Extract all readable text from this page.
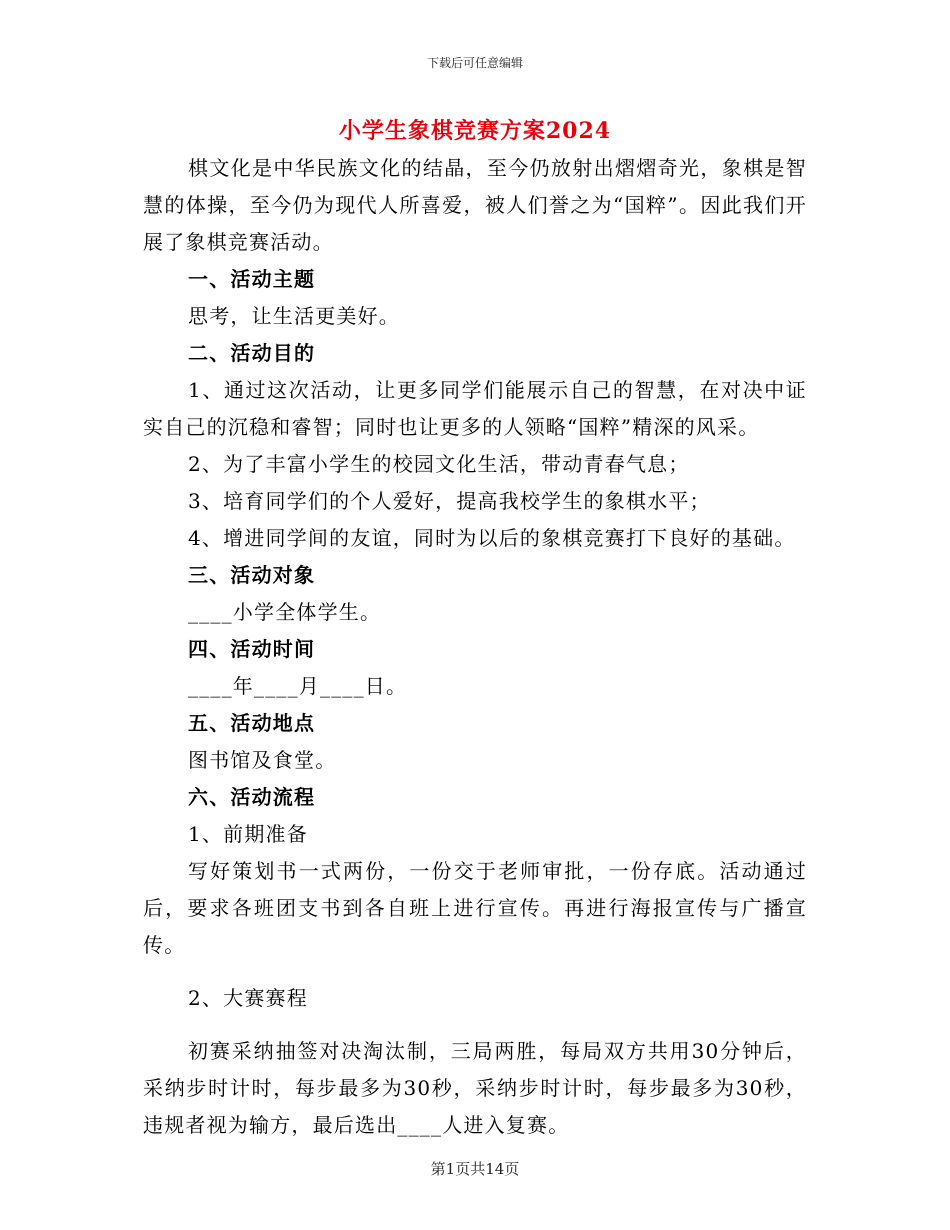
下载后可任意编辑
小学生象棋竞赛方案2024

棋文化是中华民族文化的结晶，至今仍放射出熠熠奇光，象棋是智慧的体操，至今仍为现代人所喜爱，被人们誉之为“国粹”。因此我们开展了象棋竞赛活动。

一、活动主题

思考，让生活更美好。

二、活动目的

1、通过这次活动，让更多同学们能展示自己的智慧，在对决中证实自己的沉稳和睿智；同时也让更多的人领略“国粹”精深的风采。

2、为了丰富小学生的校园文化生活，带动青春气息；

3、培育同学们的个人爱好，提高我校学生的象棋水平；

4、增进同学间的友谊，同时为以后的象棋竞赛打下良好的基础。

三、活动对象

____小学全体学生。

四、活动时间

____年____月____日。

五、活动地点

图书馆及食堂。

六、活动流程

1、前期准备

写好策划书一式两份，一份交于老师审批，一份存底。活动通过后，要求各班团支书到各自班上进行宣传。再进行海报宣传与广播宣传。

2、大赛赛程

初赛采纳抽签对决淘汰制，三局两胜，每局双方共用30分钟后，采纳步时计时，每步最多为30秒，采纳步时计时，每步最多为30秒，违规者视为输方，最后选出____人进入复赛。

第1页共14页
